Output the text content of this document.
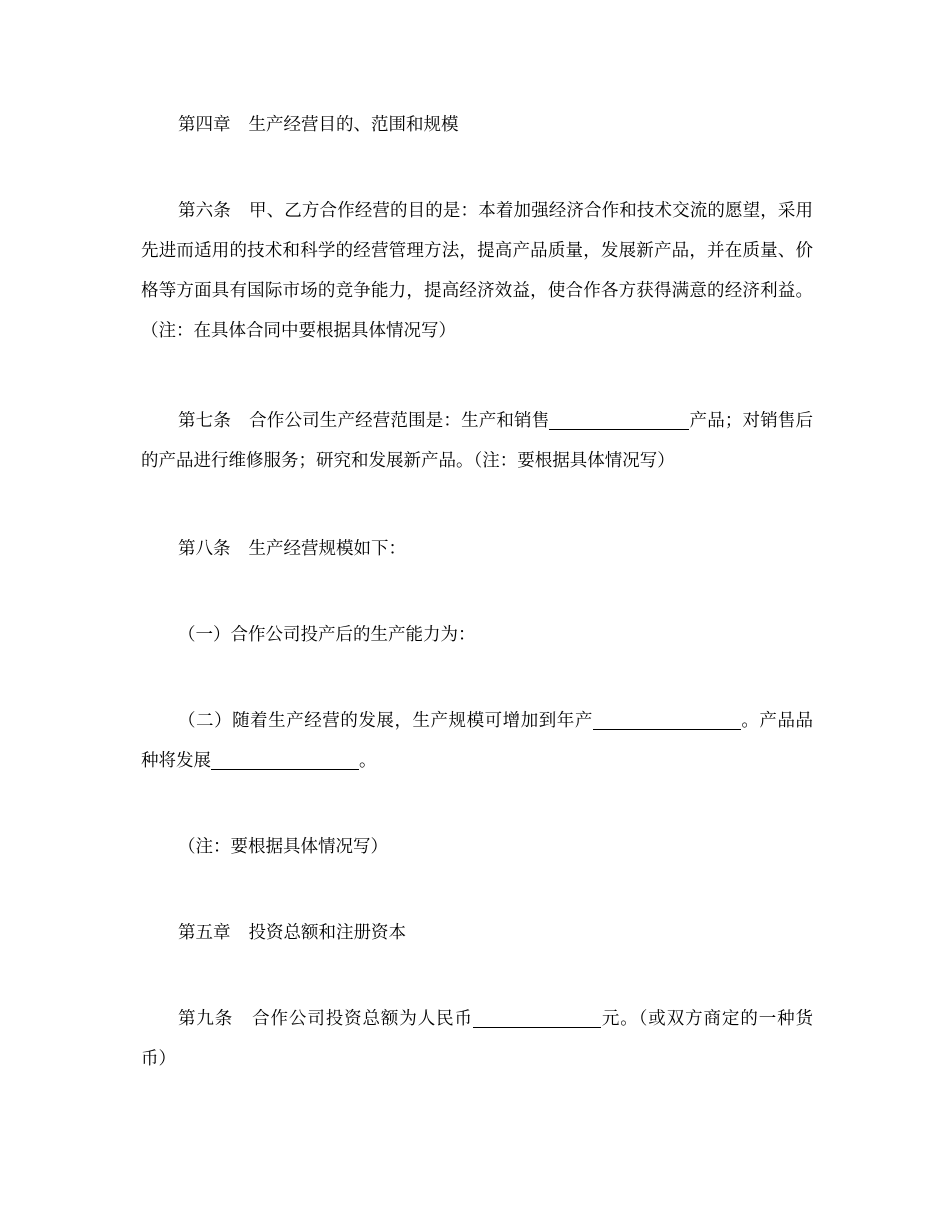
第四章 生产经营目的、范围和规模

第六条 甲、乙方合作经营的目的是：本着加强经济合作和技术交流的愿望，采用先进而适用的技术和科学的经营管理方法，提高产品质量，发展新产品，并在质量、价格等方面具有国际市场的竞争能力，提高经济效益，使合作各方获得满意的经济利益。（注：在具体合同中要根据具体情况写）

第七条 合作公司生产经营范围是：生产和销售	产品；对销售后的产品进行维修服务；研究和发展新产品。（注：要根据具体情况写）

第八条 生产经营规模如下：

（一）合作公司投产后的生产能力为：

（二）随着生产经营的发展，生产规模可增加到年产	。产品品种将发展	。

（注：要根据具体情况写）

第五章 投资总额和注册资本

第九条 合作公司投资总额为人民币	元。（或双方商定的一种货币）
